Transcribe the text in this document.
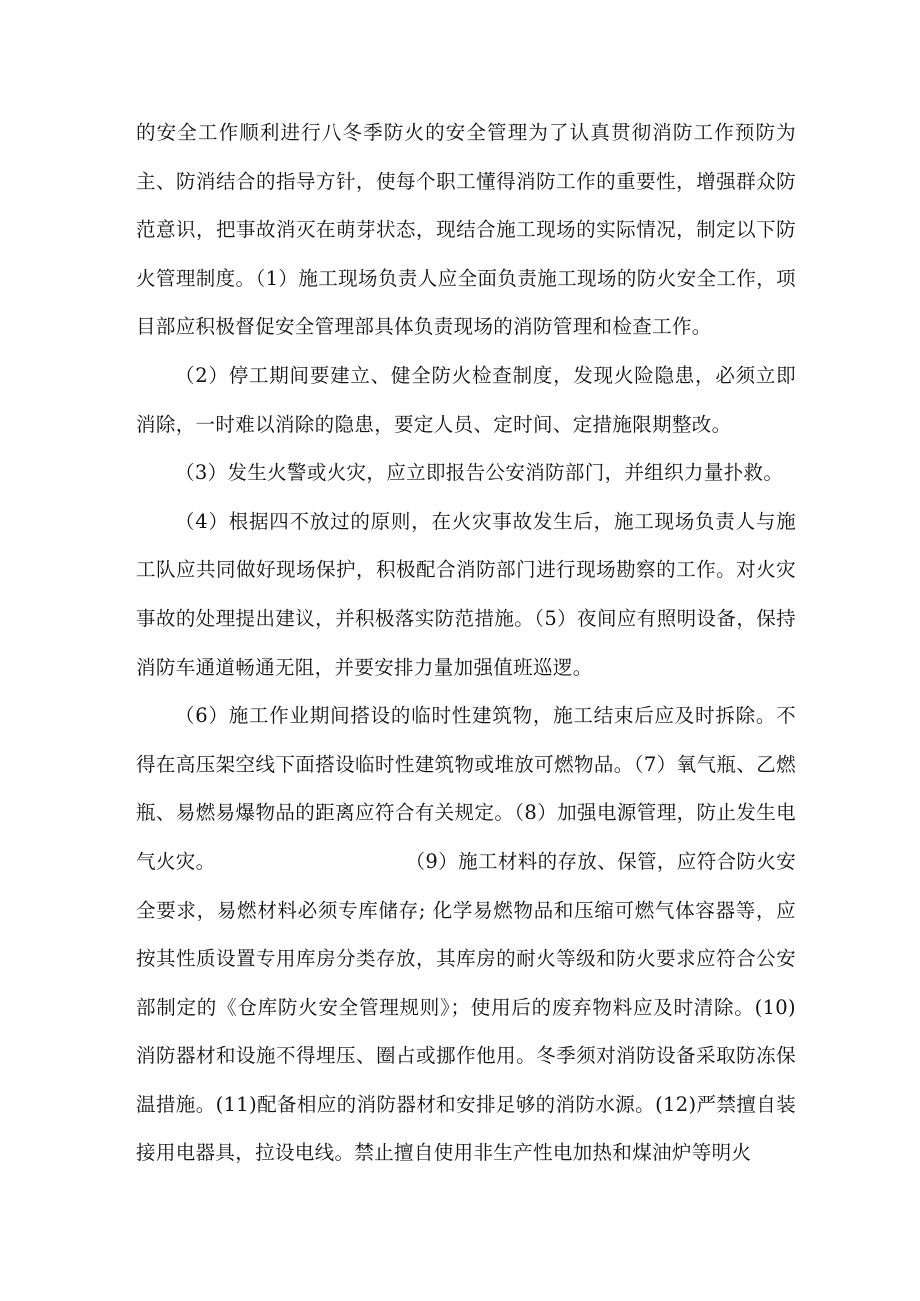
的安全工作顺利进行八冬季防火的安全管理为了认真贯彻消防工作预防为主、防消结合的指导方针，使每个职工懂得消防工作的重要性，增强群众防范意识，把事故消灭在萌芽状态，现结合施工现场的实际情况，制定以下防火管理制度。（1）施工现场负责人应全面负责施工现场的防火安全工作，项目部应积极督促安全管理部具体负责现场的消防管理和检查工作。

（2）停工期间要建立、健全防火检查制度，发现火险隐患，必须立即消除，一时难以消除的隐患，要定人员、定时间、定措施限期整改。

（3）发生火警或火灾，应立即报告公安消防部门，并组织力量扑救。

（4）根据四不放过的原则，在火灾事故发生后，施工现场负责人与施工队应共同做好现场保护，积极配合消防部门进行现场勘察的工作。对火灾事故的处理提出建议，并积极落实防范措施。（5）夜间应有照明设备，保持消防车通道畅通无阻，并要安排力量加强值班巡逻。

（6）施工作业期间搭设的临时性建筑物，施工结束后应及时拆除。不得在高压架空线下面搭设临时性建筑物或堆放可燃物品。（7）氧气瓶、乙燃瓶、易燃易爆物品的距离应符合有关规定。（8）加强电源管理，防止发生电气火灾。	（9）施工材料的存放、保管，应符合防火安全要求，易燃材料必须专库储存; 化学易燃物品和压缩可燃气体容器等，应按其性质设置专用库房分类存放，其库房的耐火等级和防火要求应符合公安部制定的《仓库防火安全管理规则》；使用后的废弃物料应及时清除。(10)消防器材和设施不得埋压、圈占或挪作他用。冬季须对消防设备采取防冻保温措施。(11)配备相应的消防器材和安排足够的消防水源。(12)严禁擅自装接用电器具，拉设电线。禁止擅自使用非生产性电加热和煤油炉等明火
